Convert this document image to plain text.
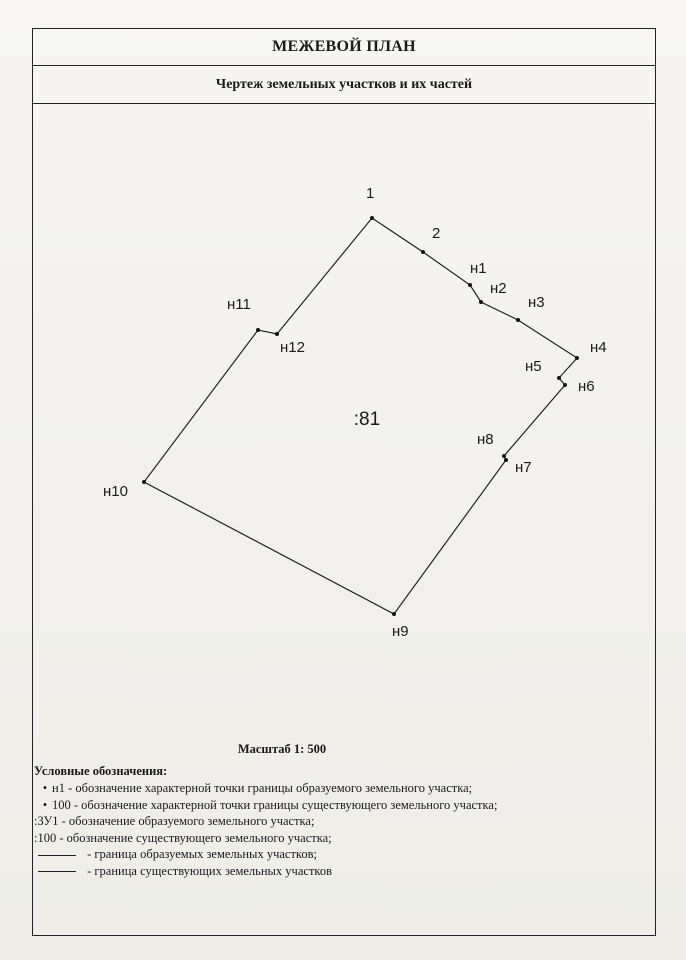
МЕЖЕВОЙ ПЛАН
Чертеж земельных участков и их частей
1
2
н1
н2
н3
н4
н5
н6
н7
н8
н9
н10
н11
н12
:81
Масштаб 1: 500
Условные обозначения:
• н1 - обозначение характерной точки границы образуемого земельного участка;
• 100 - обозначение характерной точки границы существующего земельного участка;
:ЗУ1 - обозначение образуемого земельного участка;
:100 - обозначение существующего земельного участка;
- граница образуемых земельных участков;
- граница существующих земельных участков
